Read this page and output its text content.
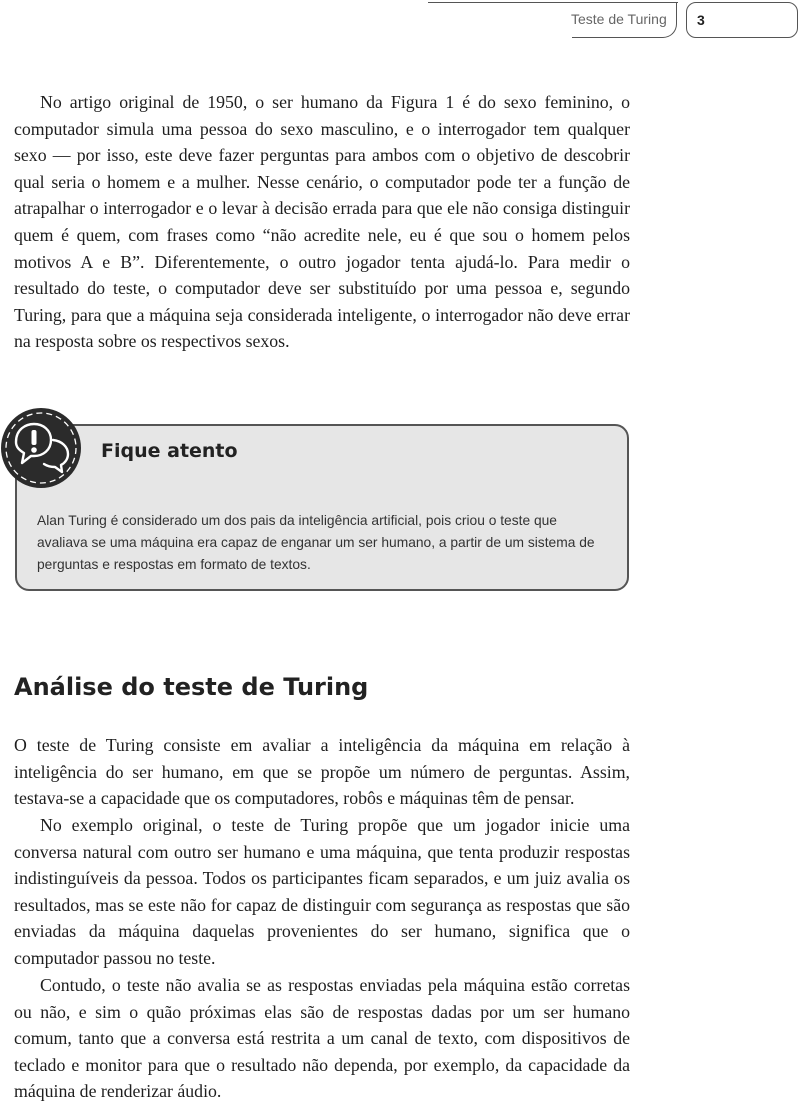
Teste de Turing	3

No artigo original de 1950, o ser humano da Figura 1 é do sexo feminino, o computador simula uma pessoa do sexo masculino, e o interrogador tem qualquer sexo — por isso, este deve fazer perguntas para ambos com o objetivo de descobrir qual seria o homem e a mulher. Nesse cenário, o computador pode ter a função de atrapalhar o interrogador e o levar à decisão errada para que ele não consiga distinguir quem é quem, com frases como “não acredite nele, eu é que sou o homem pelos motivos A e B”. Diferentemente, o outro jogador tenta ajudá-lo. Para medir o resultado do teste, o computador deve ser substituído por uma pessoa e, segundo Turing, para que a máquina seja considerada inteligente, o interrogador não deve errar na resposta sobre os respectivos sexos.

Fique atento

Alan Turing é considerado um dos pais da inteligência artificial, pois criou o teste que avaliava se uma máquina era capaz de enganar um ser humano, a partir de um sistema de perguntas e respostas em formato de textos.

Análise do teste de Turing

O teste de Turing consiste em avaliar a inteligência da máquina em relação à inteligência do ser humano, em que se propõe um número de perguntas. Assim, testava-se a capacidade que os computadores, robôs e máquinas têm de pensar.

No exemplo original, o teste de Turing propõe que um jogador inicie uma conversa natural com outro ser humano e uma máquina, que tenta produzir respostas indistinguíveis da pessoa. Todos os participantes ficam separados, e um juiz avalia os resultados, mas se este não for capaz de distinguir com segurança as respostas que são enviadas da máquina daquelas provenientes do ser humano, significa que o computador passou no teste.

Contudo, o teste não avalia se as respostas enviadas pela máquina estão corretas ou não, e sim o quão próximas elas são de respostas dadas por um ser humano comum, tanto que a conversa está restrita a um canal de texto, com dispositivos de teclado e monitor para que o resultado não dependa, por exemplo, da capacidade da máquina de renderizar áudio.
